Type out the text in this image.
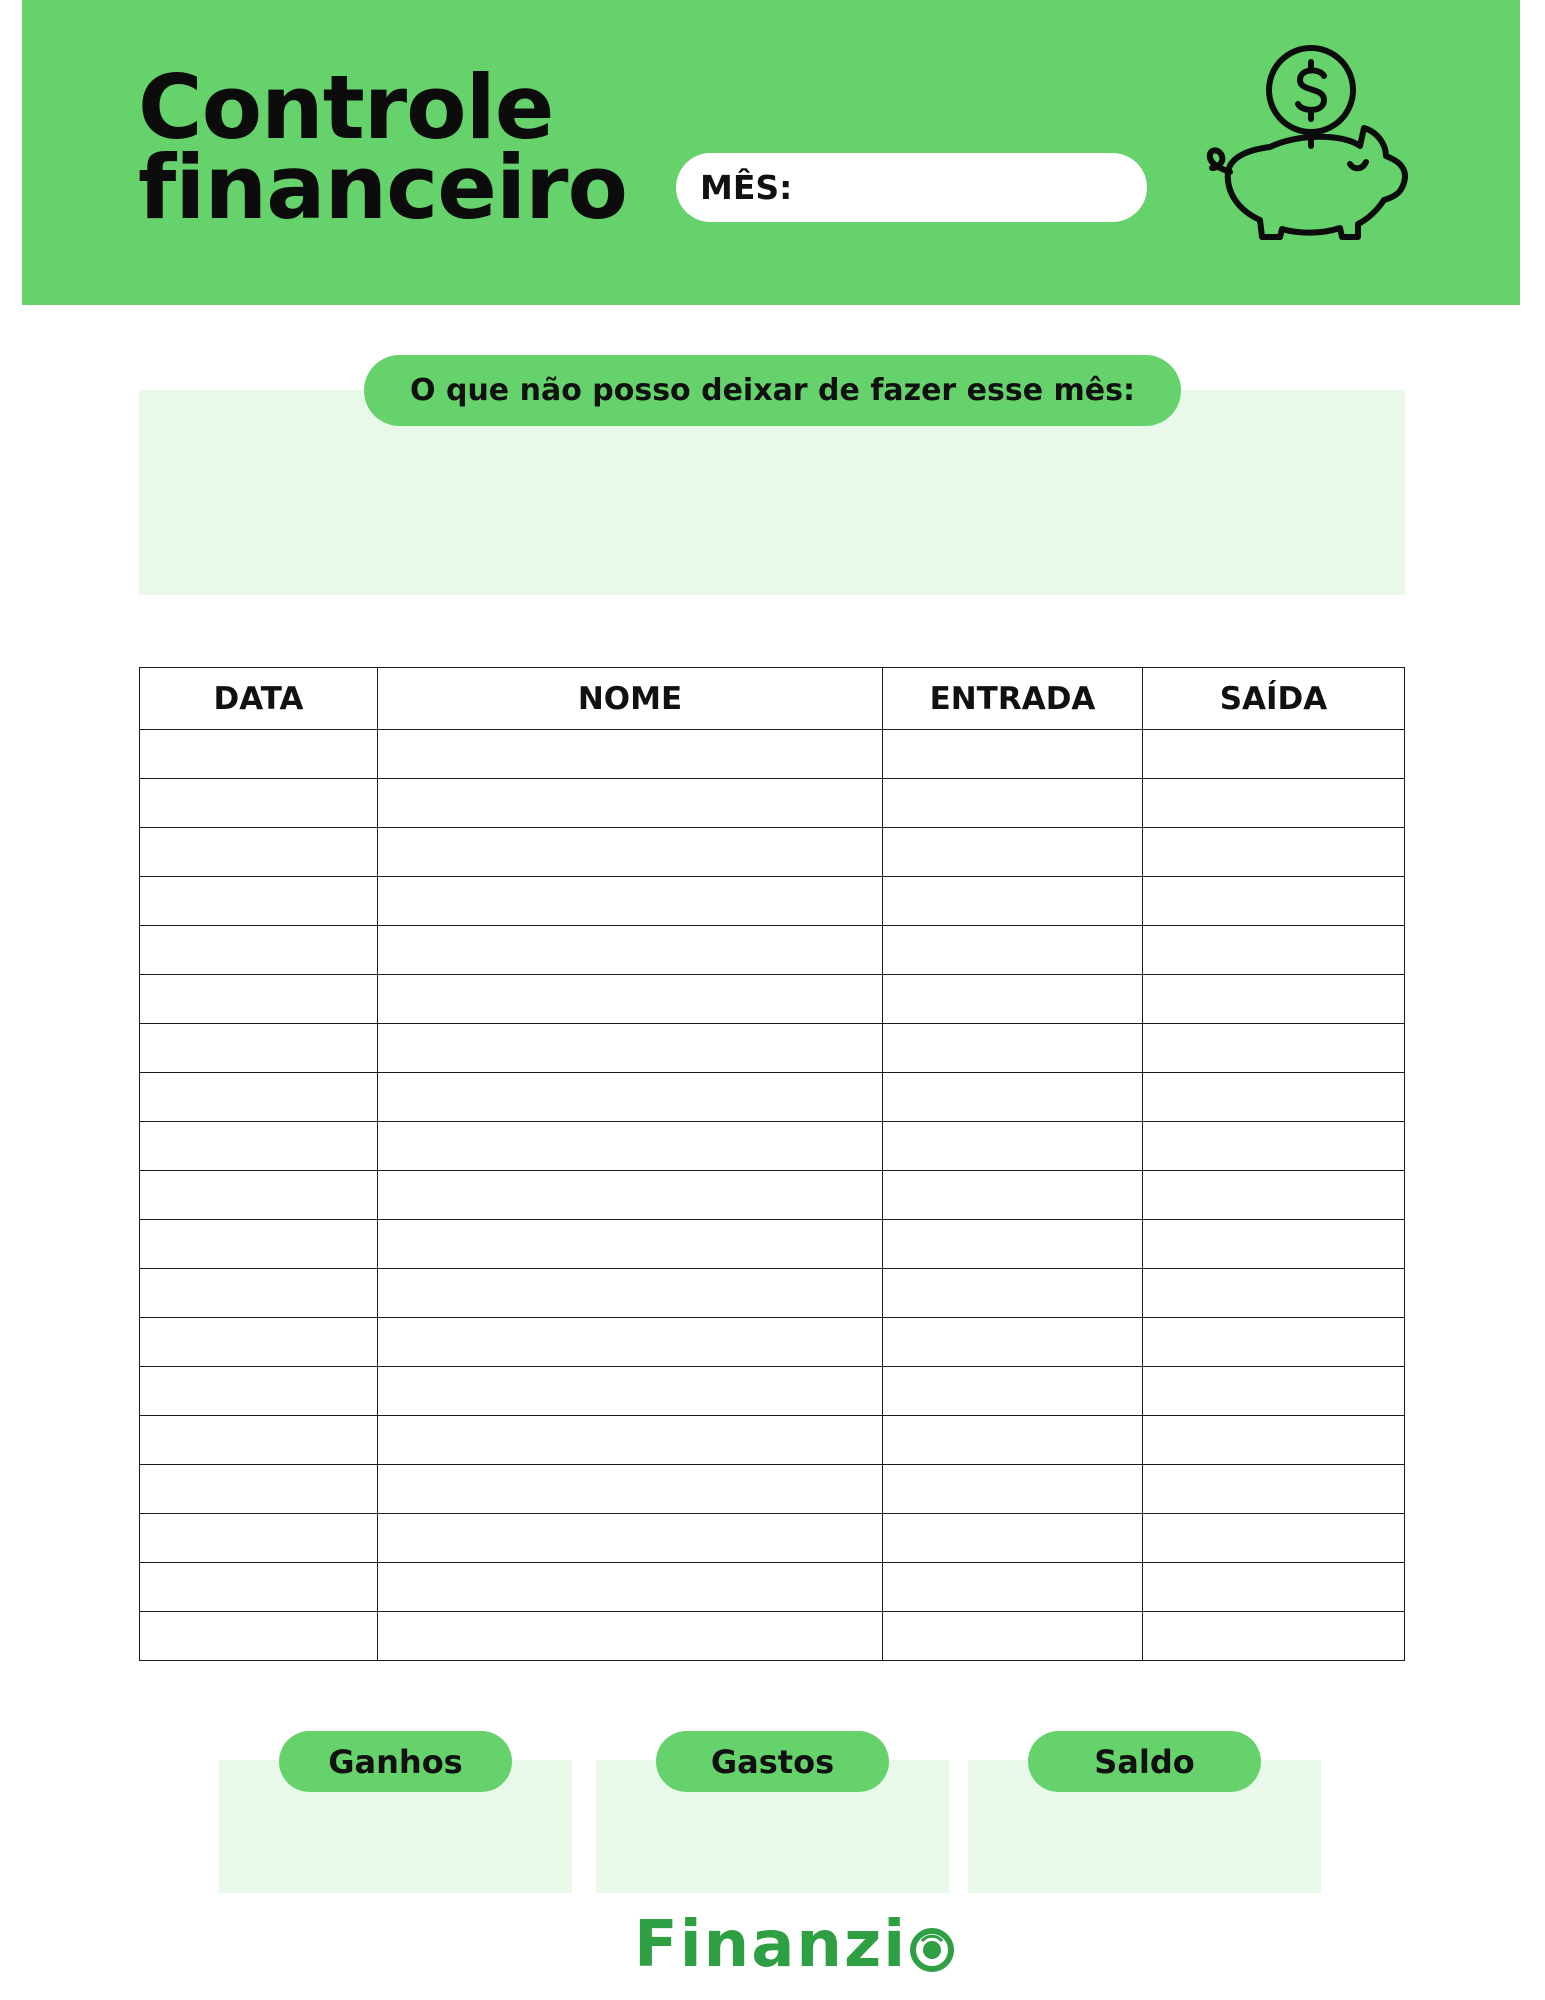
Controle
financeiro MÊS:
O que não posso deixar de fazer esse mês:
DATA	NOME	ENTRADA	SAÍDA

Ganhos	Gastos	Saldo
Finanzi
